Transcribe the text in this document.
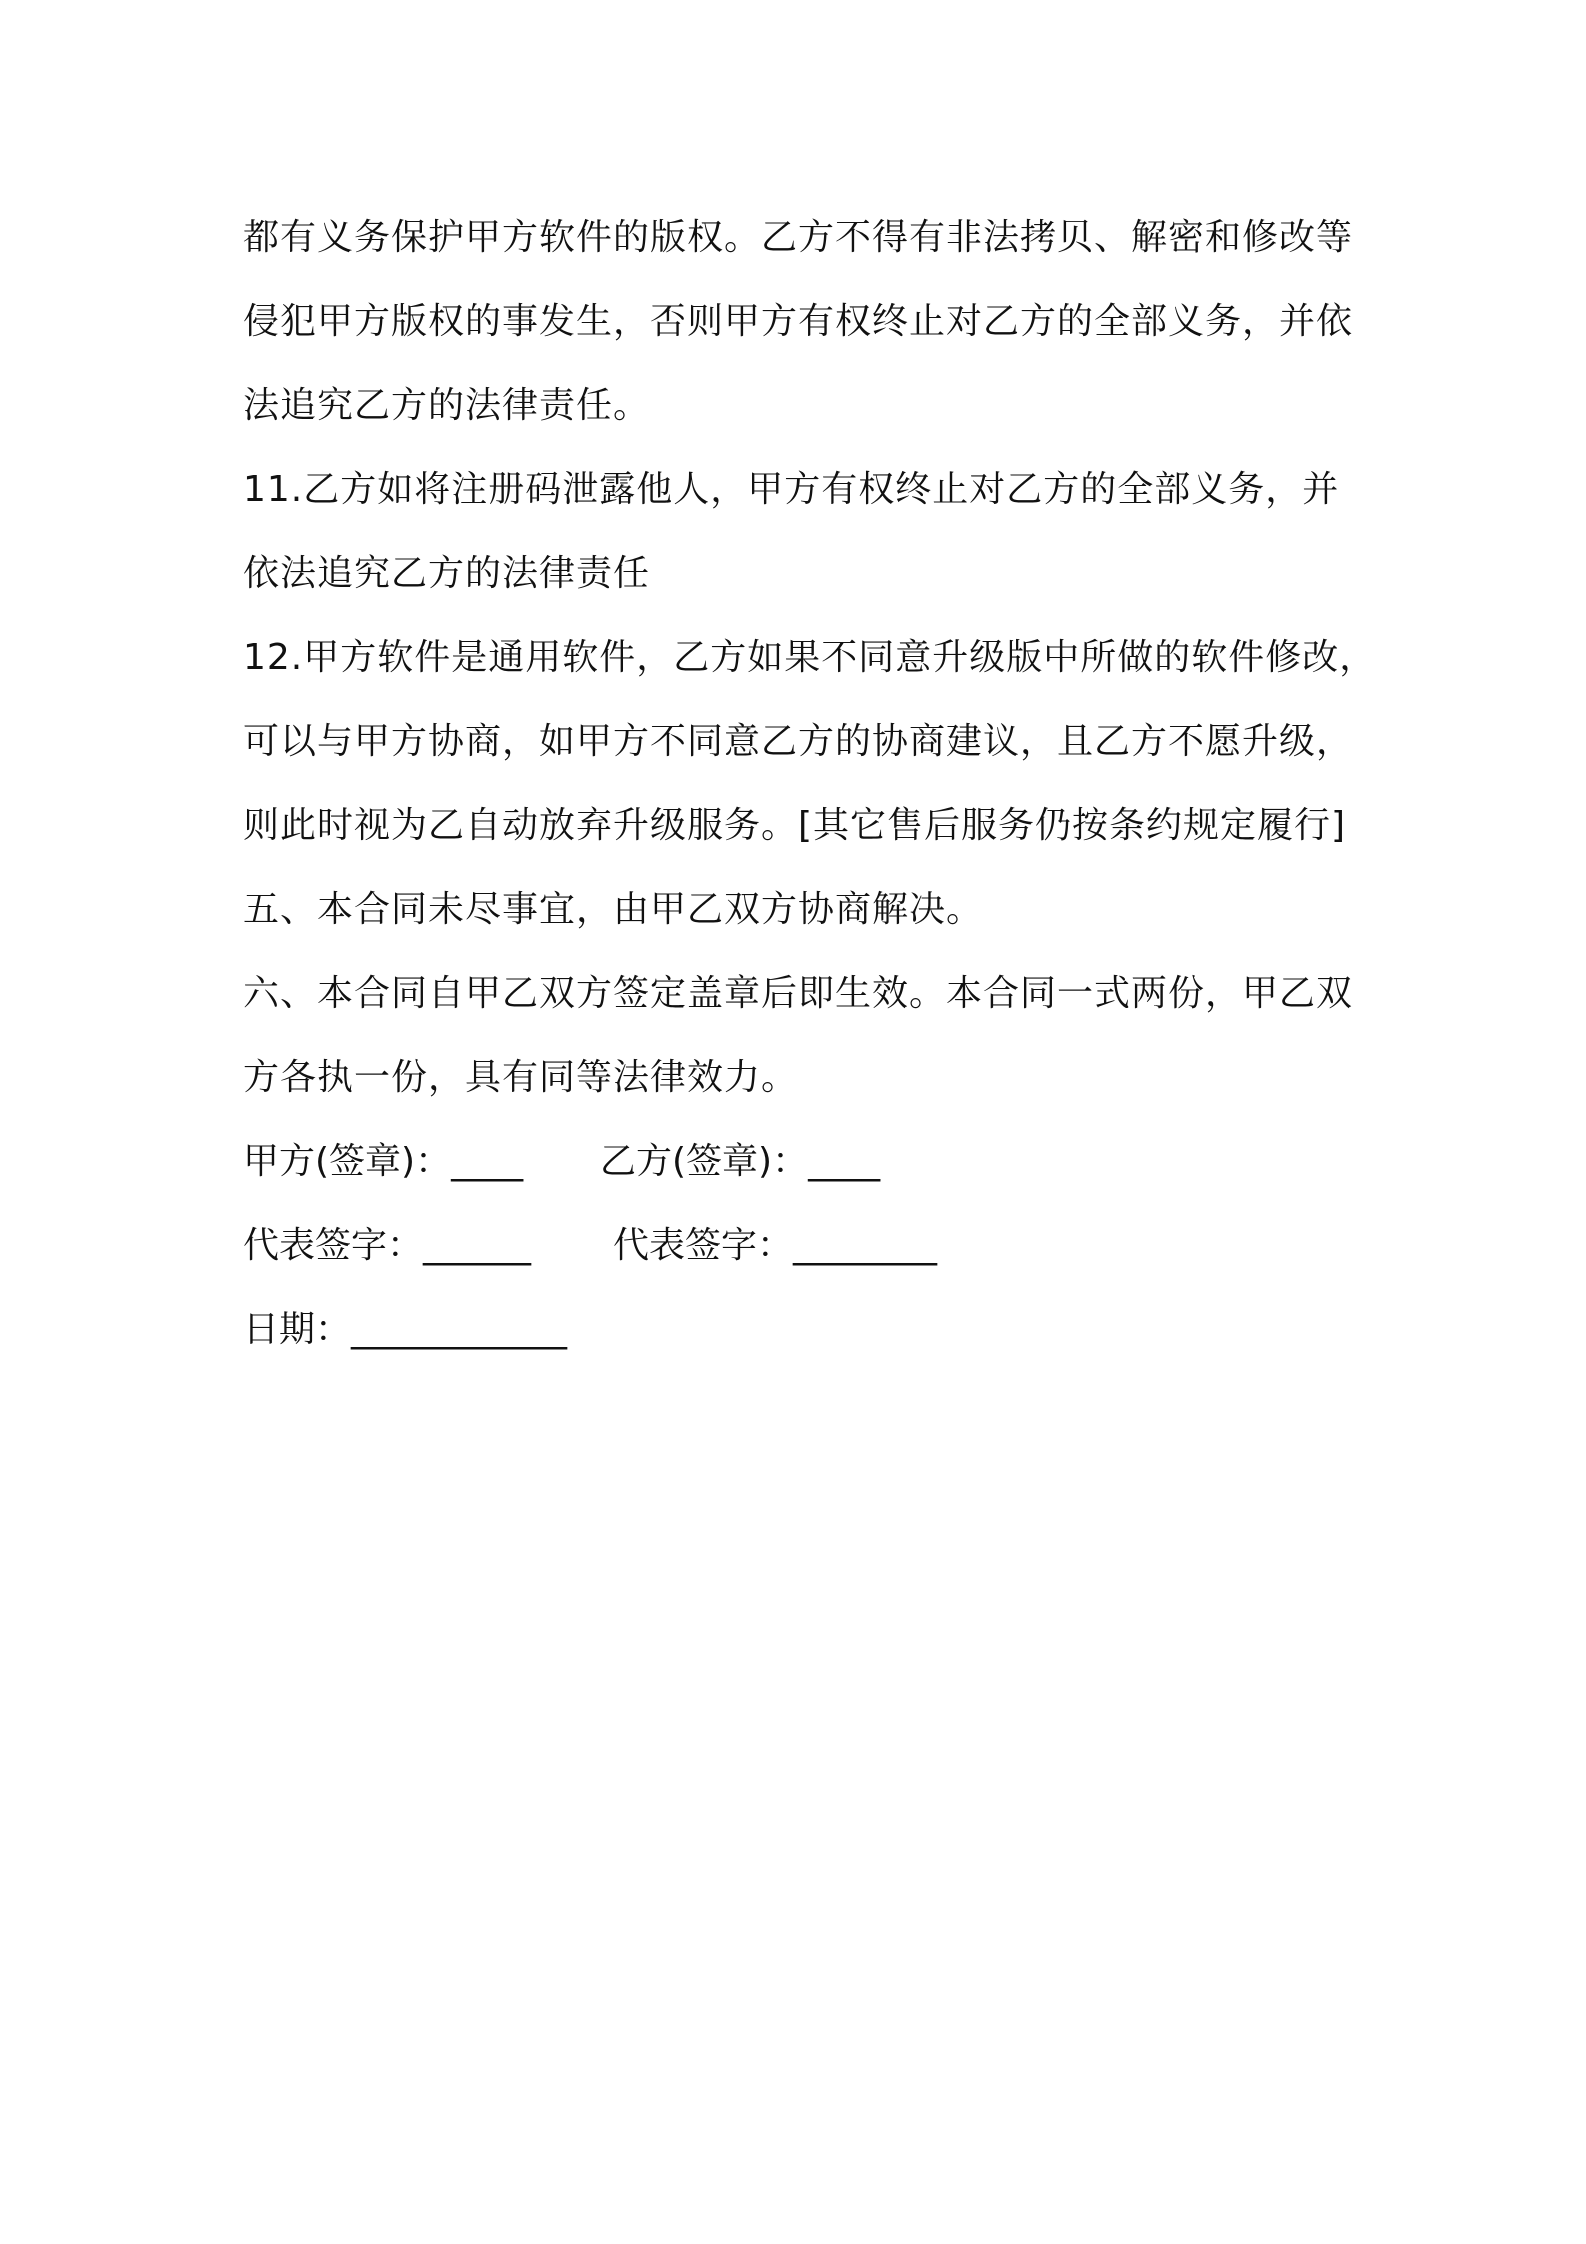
都有义务保护甲方软件的版权。乙方不得有非法拷贝、解密和修改等
侵犯甲方版权的事发生，否则甲方有权终止对乙方的全部义务，并依
法追究乙方的法律责任。
11.乙方如将注册码泄露他人，甲方有权终止对乙方的全部义务，并
依法追究乙方的法律责任
12.甲方软件是通用软件，乙方如果不同意升级版中所做的软件修改，
可以与甲方协商，如甲方不同意乙方的协商建议，且乙方不愿升级，
则此时视为乙自动放弃升级服务。[其它售后服务仍按条约规定履行]
五、本合同未尽事宜，由甲乙双方协商解决。
六、本合同自甲乙双方签定盖章后即生效。本合同一式两份，甲乙双
方各执一份，具有同等法律效力。
甲方(签章)：____	乙方(签章)：____
代表签字：______	代表签字：________
日期：____________
